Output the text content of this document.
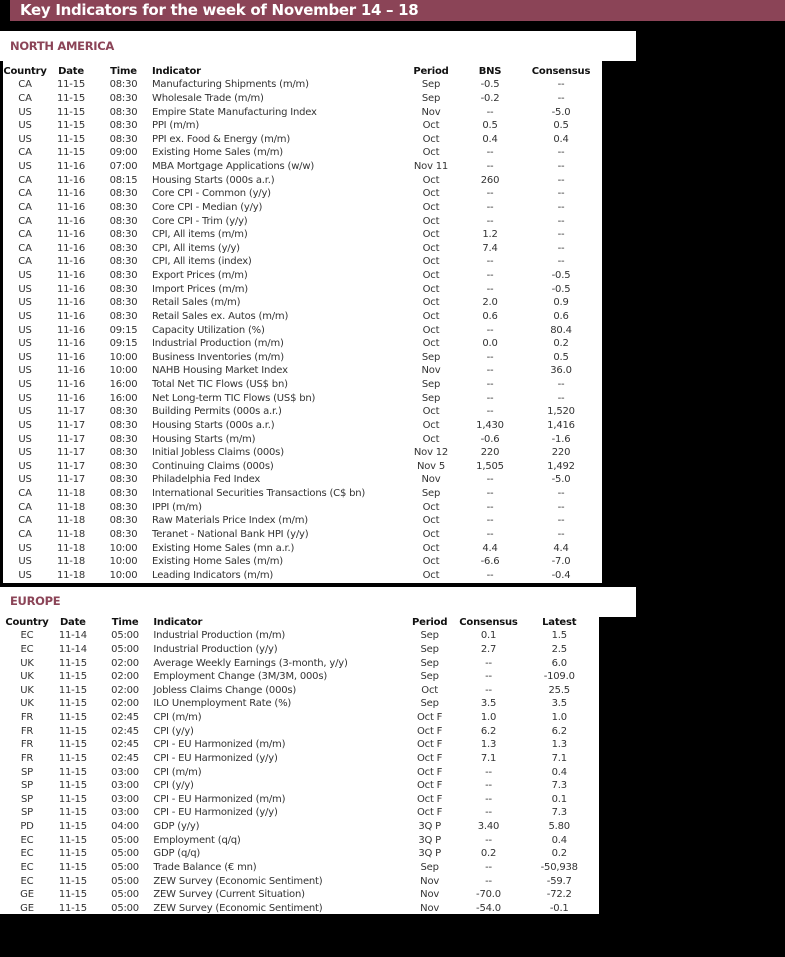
Key Indicators for the week of November 14 – 18
NORTH AMERICA
Country	Date	Time	Indicator	Period	BNS	Consensus
CA	11-15	08:30	Manufacturing Shipments (m/m)	Sep	-0.5	--
CA	11-15	08:30	Wholesale Trade (m/m)	Sep	-0.2	--
US	11-15	08:30	Empire State Manufacturing Index	Nov	--	-5.0
US	11-15	08:30	PPI (m/m)	Oct	0.5	0.5
US	11-15	08:30	PPI ex. Food & Energy (m/m)	Oct	0.4	0.4
CA	11-15	09:00	Existing Home Sales (m/m)	Oct	--	--
US	11-16	07:00	MBA Mortgage Applications (w/w)	Nov 11	--	--
CA	11-16	08:15	Housing Starts (000s a.r.)	Oct	260	--
CA	11-16	08:30	Core CPI - Common (y/y)	Oct	--	--
CA	11-16	08:30	Core CPI - Median (y/y)	Oct	--	--
CA	11-16	08:30	Core CPI - Trim (y/y)	Oct	--	--
CA	11-16	08:30	CPI, All items (m/m)	Oct	1.2	--
CA	11-16	08:30	CPI, All items (y/y)	Oct	7.4	--
CA	11-16	08:30	CPI, All items (index)	Oct	--	--
US	11-16	08:30	Export Prices (m/m)	Oct	--	-0.5
US	11-16	08:30	Import Prices (m/m)	Oct	--	-0.5
US	11-16	08:30	Retail Sales (m/m)	Oct	2.0	0.9
US	11-16	08:30	Retail Sales ex. Autos (m/m)	Oct	0.6	0.6
US	11-16	09:15	Capacity Utilization (%)	Oct	--	80.4
US	11-16	09:15	Industrial Production (m/m)	Oct	0.0	0.2
US	11-16	10:00	Business Inventories (m/m)	Sep	--	0.5
US	11-16	10:00	NAHB Housing Market Index	Nov	--	36.0
US	11-16	16:00	Total Net TIC Flows (US$ bn)	Sep	--	--
US	11-16	16:00	Net Long-term TIC Flows (US$ bn)	Sep	--	--
US	11-17	08:30	Building Permits (000s a.r.)	Oct	--	1,520
US	11-17	08:30	Housing Starts (000s a.r.)	Oct	1,430	1,416
US	11-17	08:30	Housing Starts (m/m)	Oct	-0.6	-1.6
US	11-17	08:30	Initial Jobless Claims (000s)	Nov 12	220	220
US	11-17	08:30	Continuing Claims (000s)	Nov 5	1,505	1,492
US	11-17	08:30	Philadelphia Fed Index	Nov	--	-5.0
CA	11-18	08:30	International Securities Transactions (C$ bn)	Sep	--	--
CA	11-18	08:30	IPPI (m/m)	Oct	--	--
CA	11-18	08:30	Raw Materials Price Index (m/m)	Oct	--	--
CA	11-18	08:30	Teranet - National Bank HPI (y/y)	Oct	--	--
US	11-18	10:00	Existing Home Sales (mn a.r.)	Oct	4.4	4.4
US	11-18	10:00	Existing Home Sales (m/m)	Oct	-6.6	-7.0
US	11-18	10:00	Leading Indicators (m/m)	Oct	--	-0.4
EUROPE
Country	Date	Time	Indicator	Period	Consensus	Latest
EC	11-14	05:00	Industrial Production (m/m)	Sep	0.1	1.5
EC	11-14	05:00	Industrial Production (y/y)	Sep	2.7	2.5
UK	11-15	02:00	Average Weekly Earnings (3-month, y/y)	Sep	--	6.0
UK	11-15	02:00	Employment Change (3M/3M, 000s)	Sep	--	-109.0
UK	11-15	02:00	Jobless Claims Change (000s)	Oct	--	25.5
UK	11-15	02:00	ILO Unemployment Rate (%)	Sep	3.5	3.5
FR	11-15	02:45	CPI (m/m)	Oct F	1.0	1.0
FR	11-15	02:45	CPI (y/y)	Oct F	6.2	6.2
FR	11-15	02:45	CPI - EU Harmonized (m/m)	Oct F	1.3	1.3
FR	11-15	02:45	CPI - EU Harmonized (y/y)	Oct F	7.1	7.1
SP	11-15	03:00	CPI (m/m)	Oct F	--	0.4
SP	11-15	03:00	CPI (y/y)	Oct F	--	7.3
SP	11-15	03:00	CPI - EU Harmonized (m/m)	Oct F	--	0.1
SP	11-15	03:00	CPI - EU Harmonized (y/y)	Oct F	--	7.3
PD	11-15	04:00	GDP (y/y)	3Q P	3.40	5.80
EC	11-15	05:00	Employment (q/q)	3Q P	--	0.4
EC	11-15	05:00	GDP (q/q)	3Q P	0.2	0.2
EC	11-15	05:00	Trade Balance (€ mn)	Sep	--	-50,938
EC	11-15	05:00	ZEW Survey (Economic Sentiment)	Nov	--	-59.7
GE	11-15	05:00	ZEW Survey (Current Situation)	Nov	-70.0	-72.2
GE	11-15	05:00	ZEW Survey (Economic Sentiment)	Nov	-54.0	-0.1
